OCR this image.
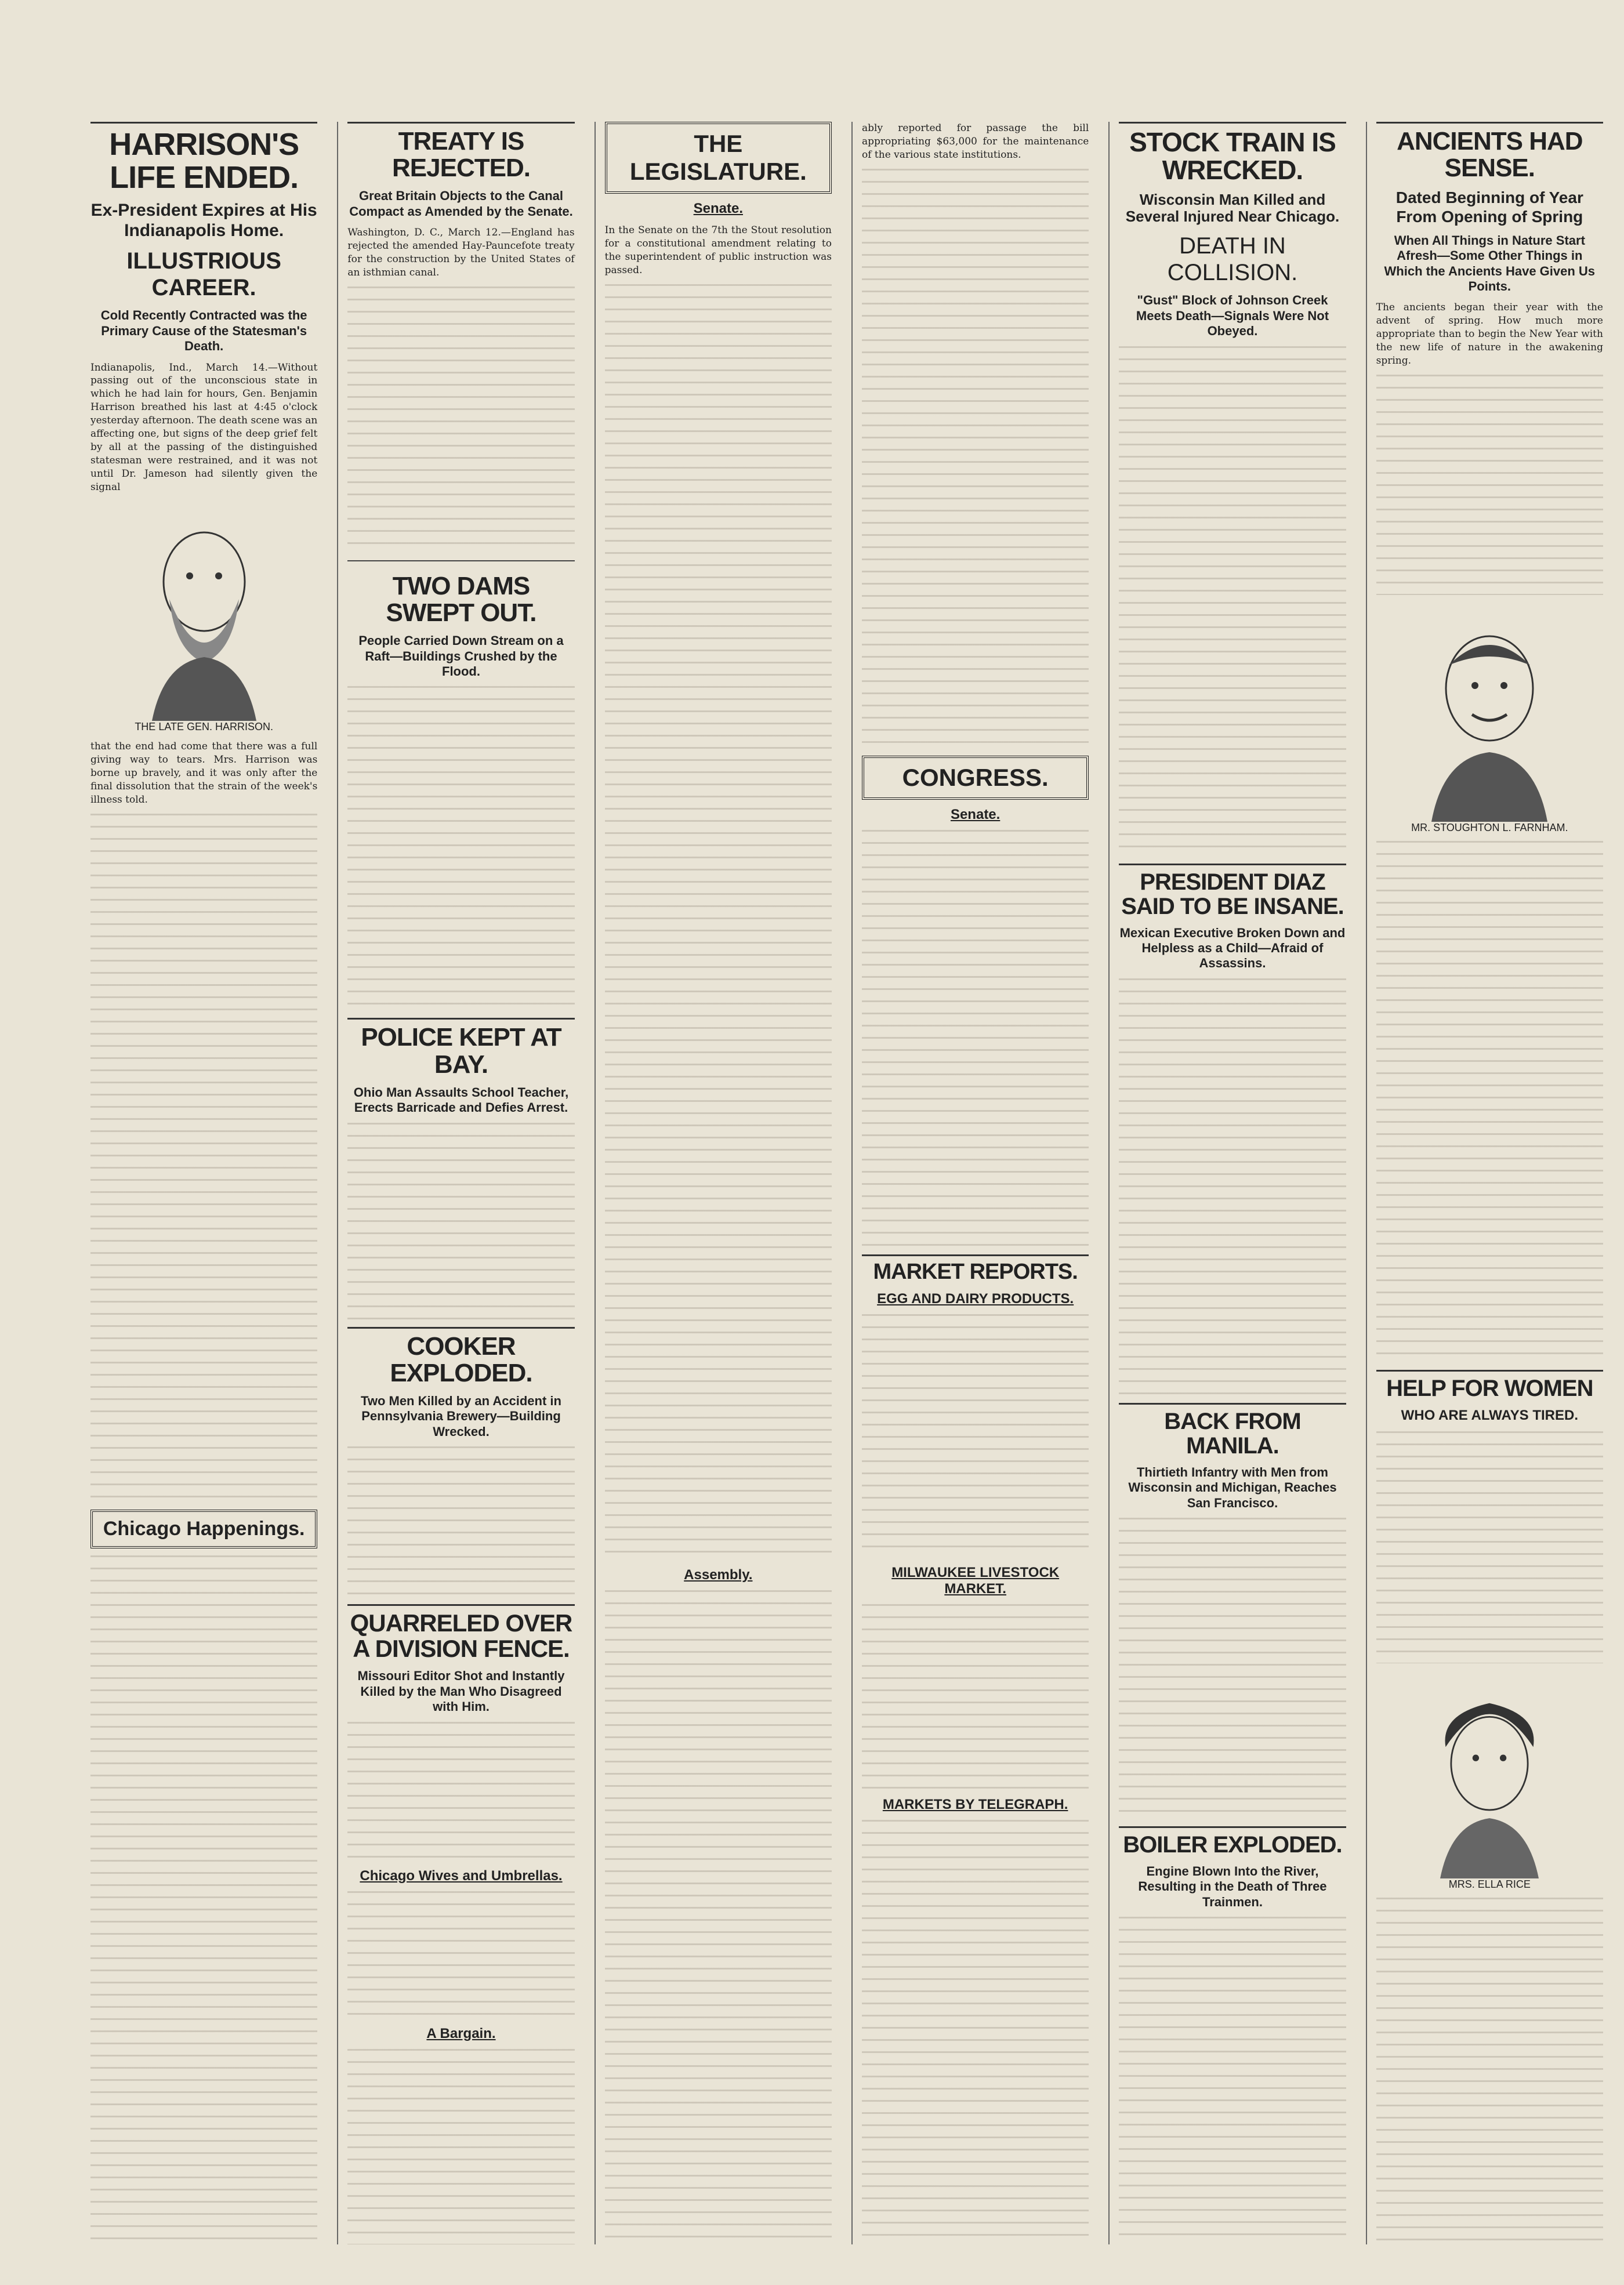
HARRISON'S LIFE ENDED.
Ex-President Expires at His Indianapolis Home.
ILLUSTRIOUS CAREER.
Cold Recently Contracted was the Primary Cause of the Statesman's Death.
Indianapolis, Ind., March 14.—Without passing out of the unconscious state in which he had lain for hours, Gen. Benjamin Harrison breathed his last at 4:45 o'clock yesterday afternoon. The death scene was an affecting one, but signs of the deep grief felt by all at the passing of the distinguished statesman were restrained, and it was not until Dr. Jameson had silently given the signal
THE LATE GEN. HARRISON.
that the end had come that there was a full giving way to tears. Mrs. Harrison was borne up bravely, and it was only after the final dissolution that the strain of the week's illness told.
Chicago Happenings.
TREATY IS REJECTED.
Great Britain Objects to the Canal Compact as Amended by the Senate.
Washington, D. C., March 12.—England has rejected the amended Hay-Pauncefote treaty for the construction by the United States of an isthmian canal.
TWO DAMS SWEPT OUT.
People Carried Down Stream on a Raft—Buildings Crushed by the Flood.
POLICE KEPT AT BAY.
Ohio Man Assaults School Teacher, Erects Barricade and Defies Arrest.
COOKER EXPLODED.
Two Men Killed by an Accident in Pennsylvania Brewery—Building Wrecked.
QUARRELED OVER A DIVISION FENCE.
Missouri Editor Shot and Instantly Killed by the Man Who Disagreed with Him.
Chicago Wives and Umbrellas.
A Bargain.
THE LEGISLATURE.
Senate.
In the Senate on the 7th the Stout resolution for a constitutional amendment relating to the superintendent of public instruction was passed.
Assembly.
ably reported for passage the bill appropriating $63,000 for the maintenance of the various state institutions.
CONGRESS.
Senate.
MARKET REPORTS.
EGG AND DAIRY PRODUCTS.
MILWAUKEE LIVESTOCK MARKET.
MARKETS BY TELEGRAPH.
STOCK TRAIN IS WRECKED.
Wisconsin Man Killed and Several Injured Near Chicago.
DEATH IN COLLISION.
"Gust" Block of Johnson Creek Meets Death—Signals Were Not Obeyed.
PRESIDENT DIAZ SAID TO BE INSANE.
Mexican Executive Broken Down and Helpless as a Child—Afraid of Assassins.
BACK FROM MANILA.
Thirtieth Infantry with Men from Wisconsin and Michigan, Reaches San Francisco.
BOILER EXPLODED.
Engine Blown Into the River, Resulting in the Death of Three Trainmen.
ANCIENTS HAD SENSE.
Dated Beginning of Year From Opening of Spring
When All Things in Nature Start Afresh—Some Other Things in Which the Ancients Have Given Us Points.
The ancients began their year with the advent of spring. How much more appropriate than to begin the New Year with the new life of nature in the awakening spring.
MR. STOUGHTON L. FARNHAM.
HELP FOR WOMEN
WHO ARE ALWAYS TIRED.
MRS. ELLA RICE
